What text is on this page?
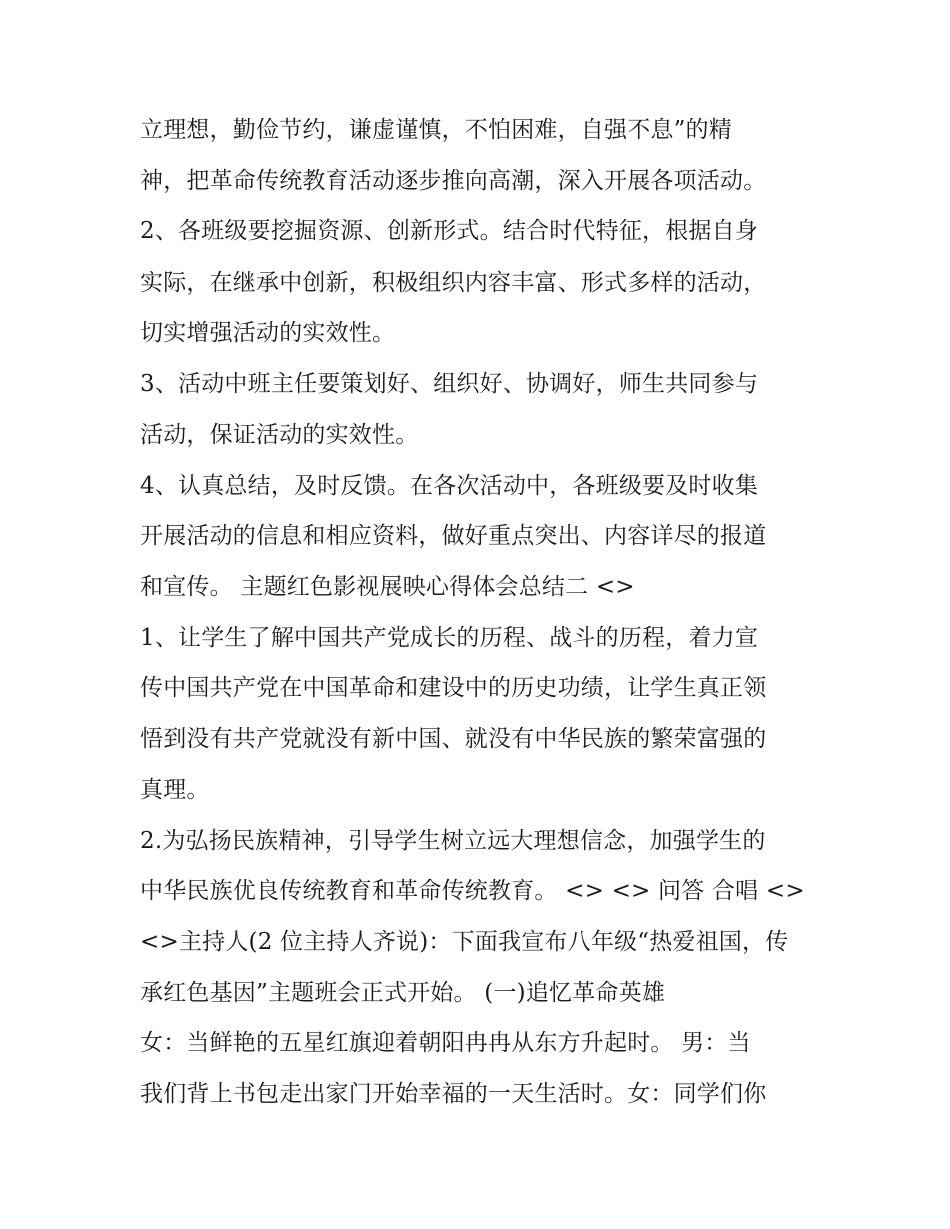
立理想，勤俭节约，谦虚谨慎，不怕困难，自强不息”的精
神，把革命传统教育活动逐步推向高潮，深入开展各项活动。
2、各班级要挖掘资源、创新形式。结合时代特征，根据自身
实际，在继承中创新，积极组织内容丰富、形式多样的活动，
切实增强活动的实效性。
3、活动中班主任要策划好、组织好、协调好，师生共同参与
活动，保证活动的实效性。
4、认真总结，及时反馈。在各次活动中，各班级要及时收集
开展活动的信息和相应资料，做好重点突出、内容详尽的报道
和宣传。 主题红色影视展映心得体会总结二 <>
1、让学生了解中国共产党成长的历程、战斗的历程，着力宣
传中国共产党在中国革命和建设中的历史功绩，让学生真正领
悟到没有共产党就没有新中国、就没有中华民族的繁荣富强的
真理。
2.为弘扬民族精神，引导学生树立远大理想信念，加强学生的
中华民族优良传统教育和革命传统教育。 <> <> 问答 合唱 <>
<>主持人(2 位主持人齐说)：下面我宣布八年级“热爱祖国，传
承红色基因”主题班会正式开始。 (一)追忆革命英雄
女：当鲜艳的五星红旗迎着朝阳冉冉从东方升起时。 男：当
我们背上书包走出家门开始幸福的一天生活时。女：同学们你
